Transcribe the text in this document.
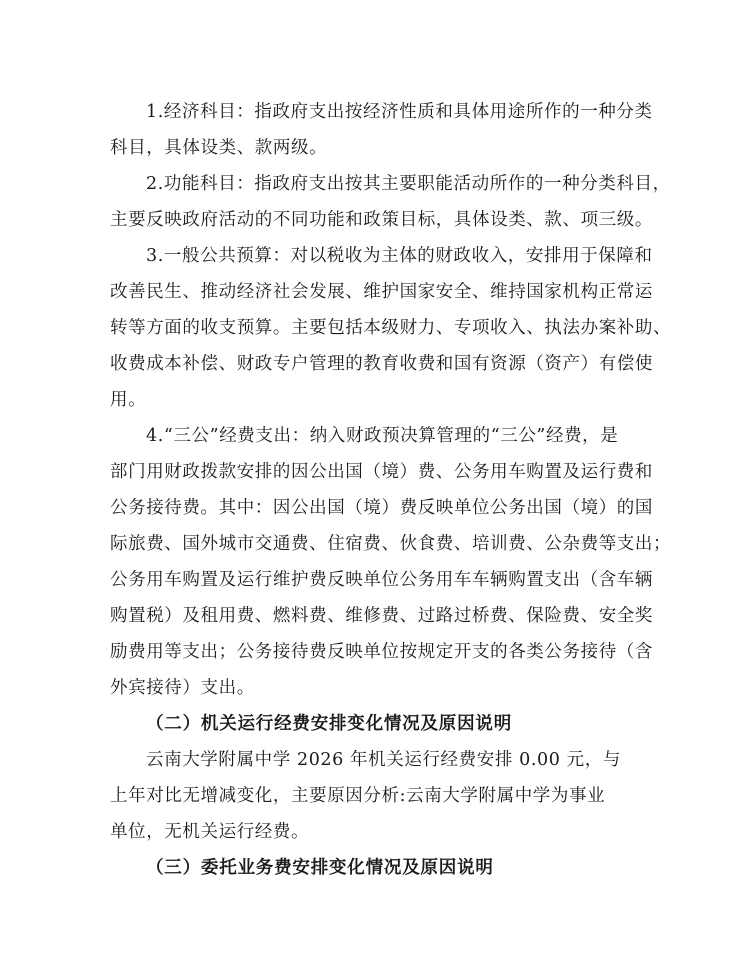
1.经济科目：指政府支出按经济性质和具体用途所作的一种分类

科目，具体设类、款两级。

2.功能科目：指政府支出按其主要职能活动所作的一种分类科目，

主要反映政府活动的不同功能和政策目标，具体设类、款、项三级。

3.一般公共预算：对以税收为主体的财政收入，安排用于保障和

改善民生、推动经济社会发展、维护国家安全、维持国家机构正常运

转等方面的收支预算。主要包括本级财力、专项收入、执法办案补助、

收费成本补偿、财政专户管理的教育收费和国有资源（资产）有偿使

用。

4.“三公”经费支出：纳入财政预决算管理的“三公”经费，是

部门用财政拨款安排的因公出国（境）费、公务用车购置及运行费和

公务接待费。其中：因公出国（境）费反映单位公务出国（境）的国

际旅费、国外城市交通费、住宿费、伙食费、培训费、公杂费等支出；

公务用车购置及运行维护费反映单位公务用车车辆购置支出（含车辆

购置税）及租用费、燃料费、维修费、过路过桥费、保险费、安全奖

励费用等支出；公务接待费反映单位按规定开支的各类公务接待（含

外宾接待）支出。

（二）机关运行经费安排变化情况及原因说明

云南大学附属中学 2026 年机关运行经费安排 0.00 元，与

上年对比无增减变化，主要原因分析:云南大学附属中学为事业

单位，无机关运行经费。

（三）委托业务费安排变化情况及原因说明
